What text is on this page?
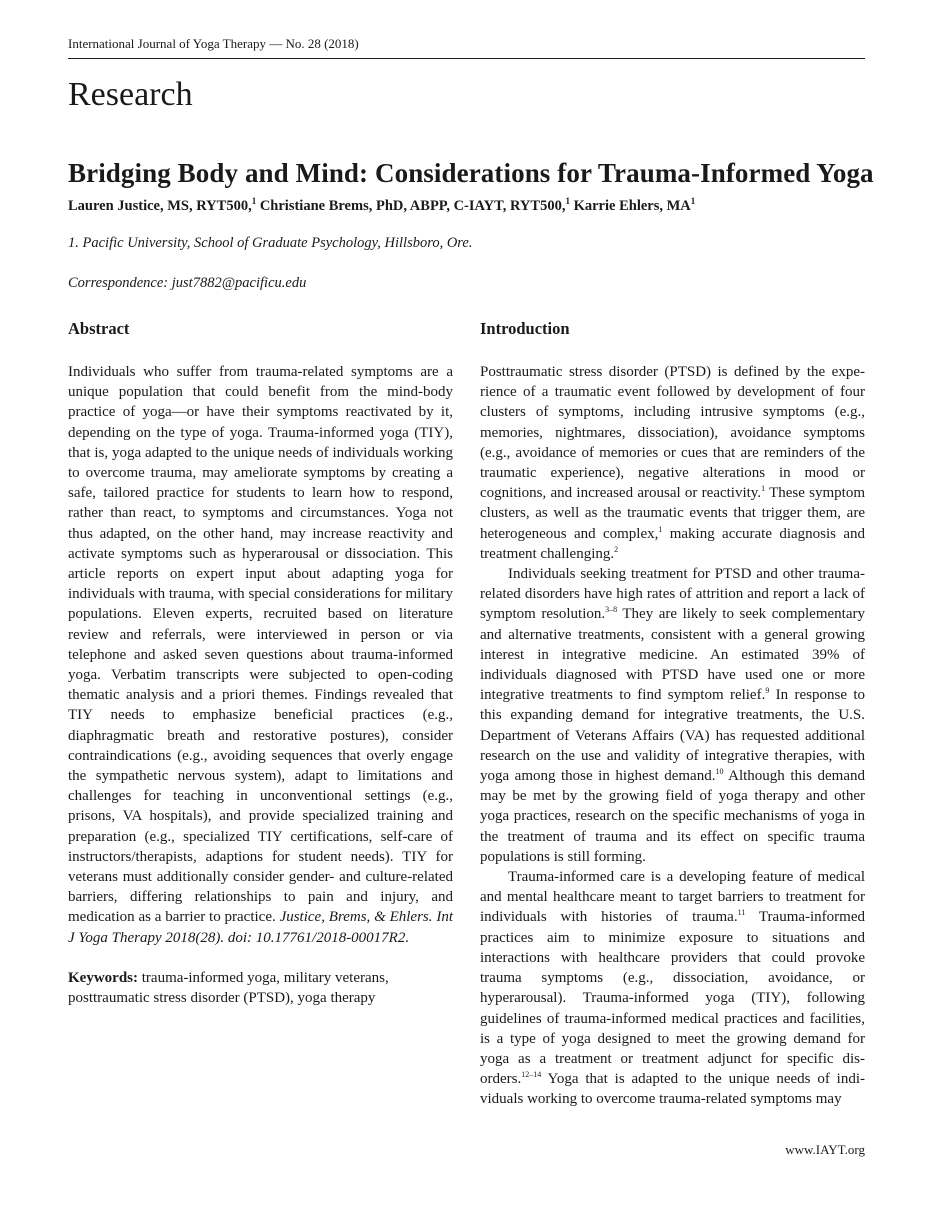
International Journal of Yoga Therapy — No. 28 (2018)
Research
Bridging Body and Mind: Considerations for Trauma-Informed Yoga
Lauren Justice, MS, RYT500,$^1$ Christiane Brems, PhD, ABPP, C-IAYT, RYT500,$^1$ Karrie Ehlers, $MA^1$
1. Pacific University, School of Graduate Psychology, Hillsboro, Ore.
Correspondence: just7882@pacificu.edu
Abstract

Individuals who suffer from trauma-related symptoms are a unique population that could benefit from the mind-body practice of yoga—or have their symptoms reactivated by it, depending on the type of yoga. Trauma-informed yoga (TIY), that is, yoga adapted to the unique needs of individuals working to overcome trauma, may ameliorate symptoms by creating a safe, tailored practice for students to learn how to respond, rather than react, to symptoms and circumstances. Yoga not thus adapted, on the other hand, may increase reactivity and activate symptoms such as hyperarousal or dissociation. This article reports on expert input about adapting yoga for individuals with trauma, with special considerations for military populations. Eleven experts, recruited based on literature review and referrals, were interviewed in person or via telephone and asked seven questions about trauma-informed yoga. Verbatim transcripts were subjected to open-coding thematic analysis and a priori themes. Findings revealed that TIY needs to emphasize beneficial practices (e.g., diaphragmatic breath and restorative postures), consider contraindications (e.g., avoiding sequences that overly engage the sympathetic nervous system), adapt to limitations and challenges for teaching in unconventional settings (e.g., prisons, VA hospitals), and provide specialized training and preparation (e.g., specialized TIY certifications, self-care of instructors/therapists, adaptions for student needs). TIY for veterans must additionally consider gender- and culture-related barriers, differing relationships to pain and injury, and medication as a barrier to practice. Justice, Brems, & Ehlers. Int J Yoga Therapy 2018(28). doi: 10.17761/2018-00017R2.

Keywords: trauma-informed yoga, military veterans, posttraumatic stress disorder (PTSD), yoga therapy

Introduction

Posttraumatic stress disorder (PTSD) is defined by the experience of a traumatic event followed by development of four clusters of symptoms, including intrusive symptoms (e.g., memories, nightmares, dissociation), avoidance symptoms (e.g., avoidance of memories or cues that are reminders of the traumatic experience), negative alterations in mood or cognitions, and increased arousal or reactivity.$^1$ These symptom clusters, as well as the traumatic events that trigger them, are heterogeneous and complex,$^1$ making accurate diagnosis and treatment challenging.$^2$

Individuals seeking treatment for PTSD and other trauma-related disorders have high rates of attrition and report a lack of symptom resolution.$^{3-8}$ They are likely to seek complementary and alternative treatments, consistent with a general growing interest in integrative medicine. An estimated 39% of individuals diagnosed with PTSD have used one or more integrative treatments to find symptom relief.$^9$ In response to this expanding demand for integrative treatments, the U.S. Department of Veterans Affairs (VA) has requested additional research on the use and validity of integrative therapies, with yoga among those in highest demand.$^{10}$ Although this demand may be met by the growing field of yoga therapy and other yoga practices, research on the specific mechanisms of yoga in the treatment of trauma and its effect on specific trauma populations is still forming.

Trauma-informed care is a developing feature of medical and mental healthcare meant to target barriers to treatment for individuals with histories of trauma.$^{11}$ Trauma-informed practices aim to minimize exposure to situations and interactions with healthcare providers that could provoke trauma symptoms (e.g., dissociation, avoidance, or hyperarousal). Trauma-informed yoga (TIY), following guidelines of trauma-informed medical practices and facilities, is a type of yoga designed to meet the growing demand for yoga as a treatment or treatment adjunct for specific disorders.$^{12-14}$ Yoga that is adapted to the unique needs of individuals working to overcome trauma-related symptoms may

www.IAYT.org
